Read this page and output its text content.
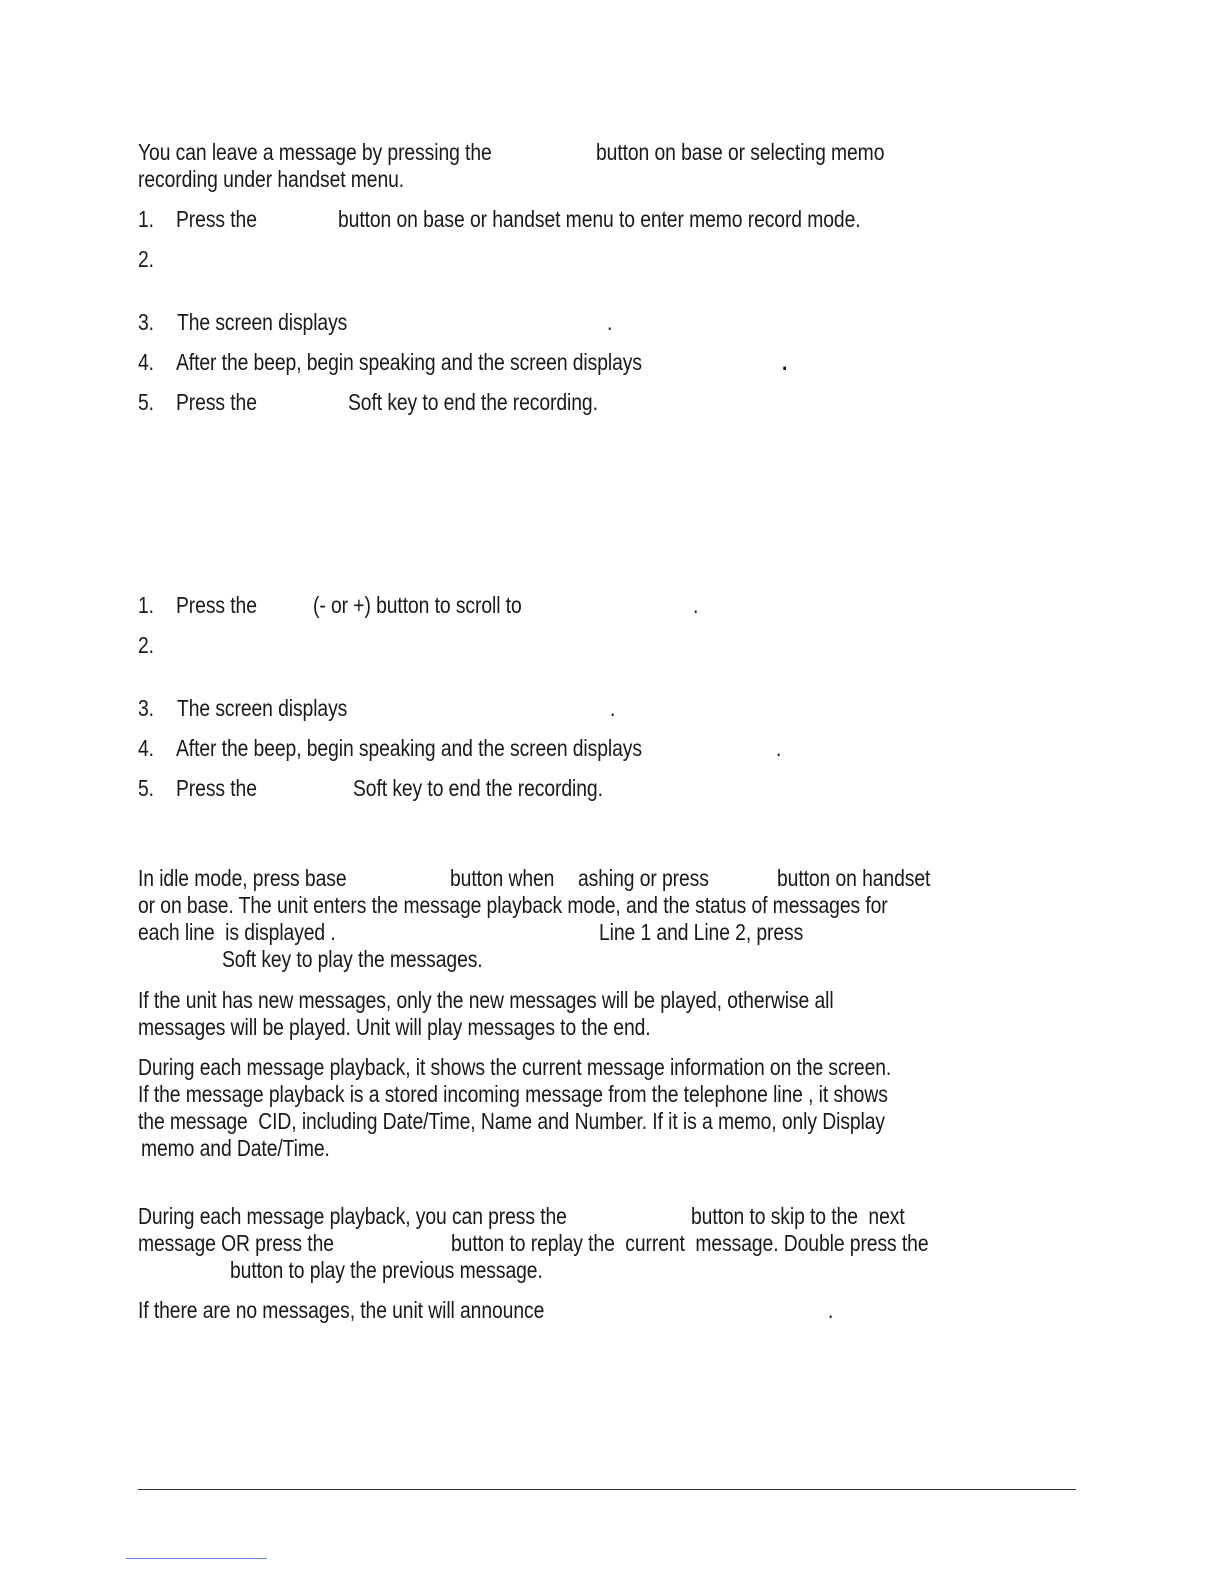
You can leave a message by pressing the	button on base or selecting memo

recording under handset menu.

1. Press the	button on base or handset menu to enter memo record mode.

2.

3. The screen displays	.

4. After the beep, begin speaking and the screen displays	.

5. Press the	Soft key to end the recording.

1. Press the (- or +) button to scroll to	.

2.

3. The screen displays	.

4. After the beep, begin speaking and the screen displays	.

5. Press the	Soft key to end the recording.

In idle mode, press base	button when ashing or press	button on handset

or on base. The unit enters the message playback mode, and the status of messages for

each line  is displayed .	Line 1 and Line 2, press

Soft key to play the messages.

If the unit has new messages, only the new messages will be played, otherwise all

messages will be played. Unit will play messages to the end.

During each message playback, it shows the current message information on the screen.

If the message playback is a stored incoming message from the telephone line , it shows

the message  CID, including Date/Time, Name and Number. If it is a memo, only Display

memo and Date/Time.

During each message playback, you can press the	button to skip to the  next

message OR press the	button to replay the  current  message. Double press the

button to play the previous message.

If there are no messages, the unit will announce	.
